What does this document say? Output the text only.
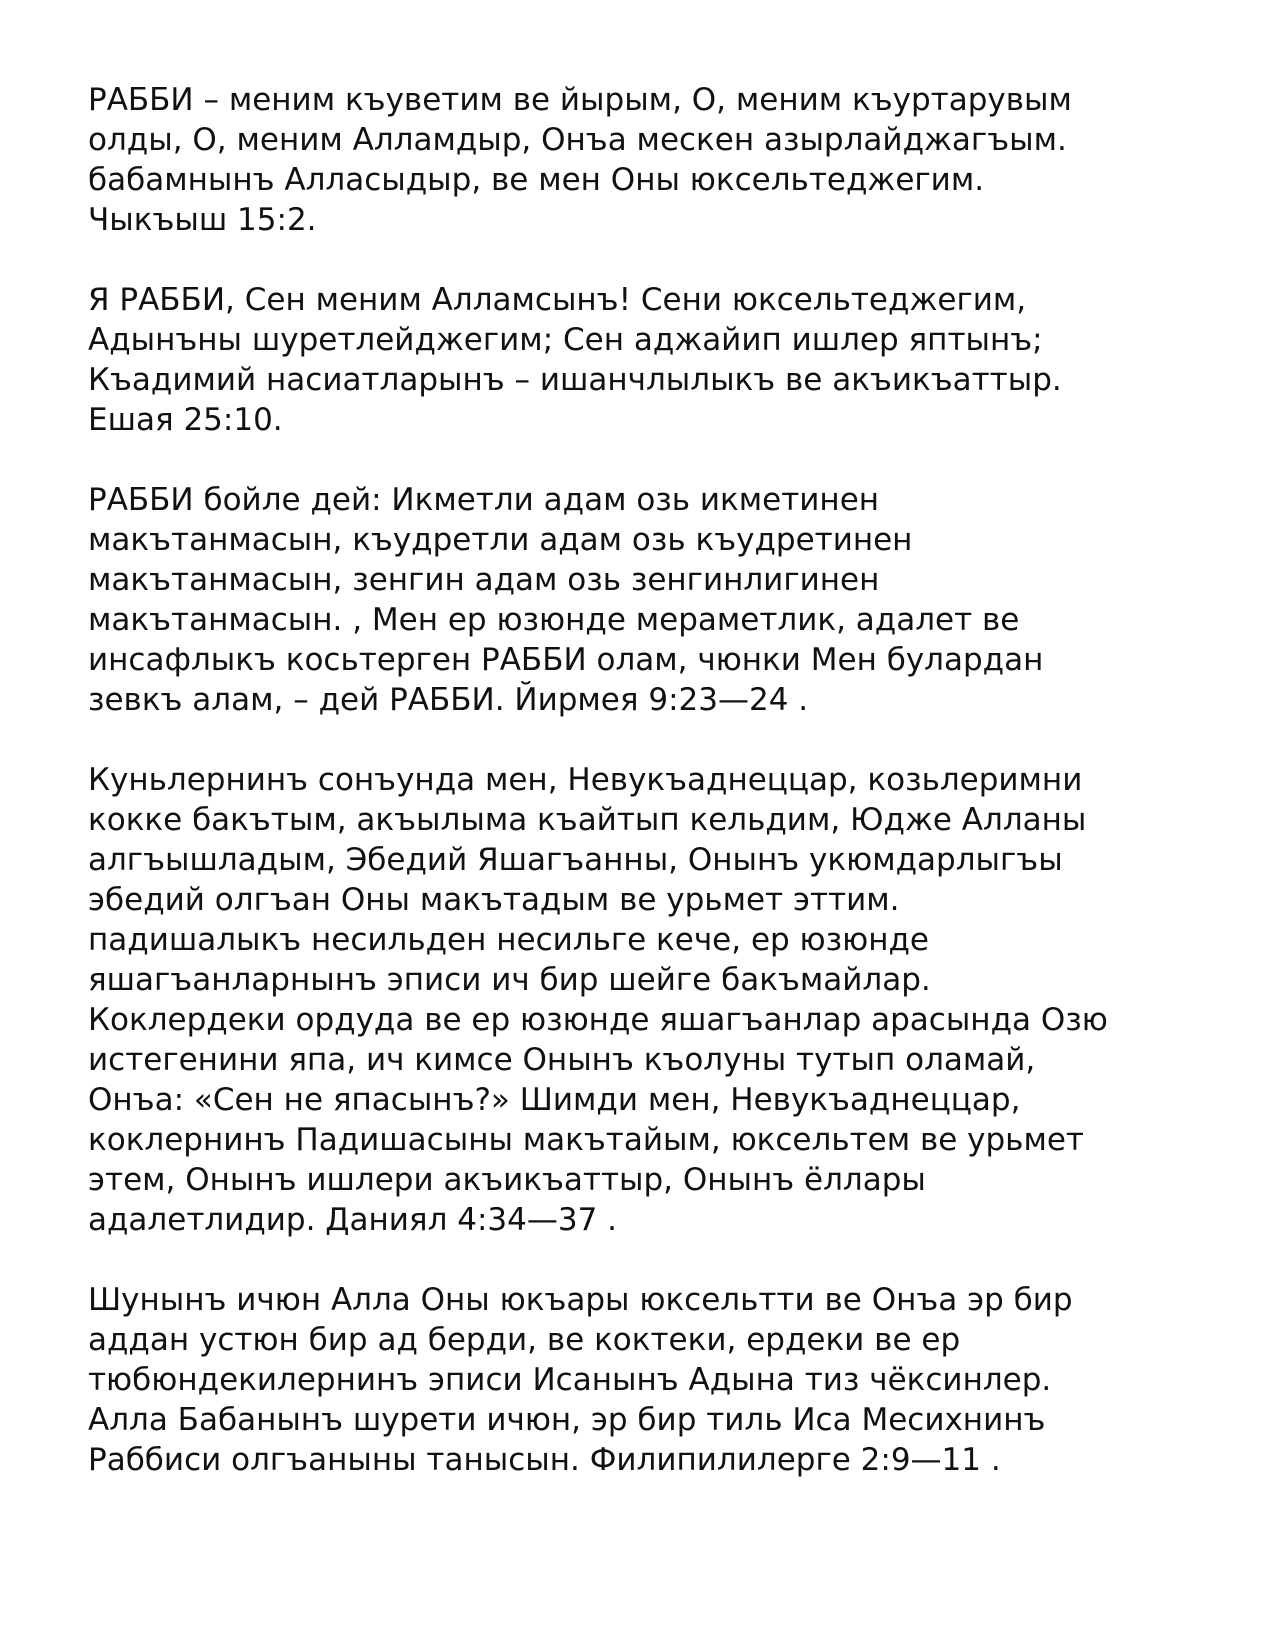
РАББИ – меним къуветим ве йырым, О, меним къуртарувым
олды, О, меним Алламдыр, Онъа мескен азырлайджагъым.
бабамнынъ Алласыдыр, ве мен Оны юксельтеджегим.
Чыкъыш 15:2.
Я РАББИ, Сен меним Алламсынъ! Сени юксельтеджегим,
Адынъны шуретлейджегим; Сен аджайип ишлер яптынъ;
Къадимий насиатларынъ – ишанчлылыкъ ве акъикъаттыр.
Ешая 25:10.
РАББИ бойле дей: Икметли адам озь икметинен
макътанмасын, къудретли адам озь къудретинен
макътанмасын, зенгин адам озь зенгинлигинен
макътанмасын. , Мен ер юзюнде мераметлик, адалет ве
инсафлыкъ косьтерген РАББИ олам, чюнки Мен булардан
зевкъ алам, – дей РАББИ. Йирмея 9:23—24 .
Куньлернинъ сонъунда мен, Невукъаднеццар, козьлеримни
кокке бакътым, акъылыма къайтып кельдим, Юдже Алланы
алгъышладым, Эбедий Яшагъанны, Онынъ укюмдарлыгъы
эбедий олгъан Оны макътадым ве урьмет эттим.
падишалыкъ несильден несильге кече, ер юзюнде
яшагъанларнынъ эписи ич бир шейге бакъмайлар.
Коклердеки ордуда ве ер юзюнде яшагъанлар арасында Озю
истегенини япа, ич кимсе Онынъ къолуны тутып оламай,
Онъа: «Сен не япасынъ?» Шимди мен, Невукъаднеццар,
коклернинъ Падишасыны макътайым, юксельтем ве урьмет
этем, Онынъ ишлери акъикъаттыр, Онынъ ёллары
адалетлидир. Даниял 4:34—37 .
Шунынъ ичюн Алла Оны юкъары юксельтти ве Онъа эр бир
аддан устюн бир ад берди, ве коктеки, ердеки ве ер
тюбюндекилернинъ эписи Исанынъ Адына тиз чёксинлер.
Алла Бабанынъ шурети ичюн, эр бир тиль Иса Месихнинъ
Раббиси олгъаныны танысын. Филипилилерге 2:9—11 .
